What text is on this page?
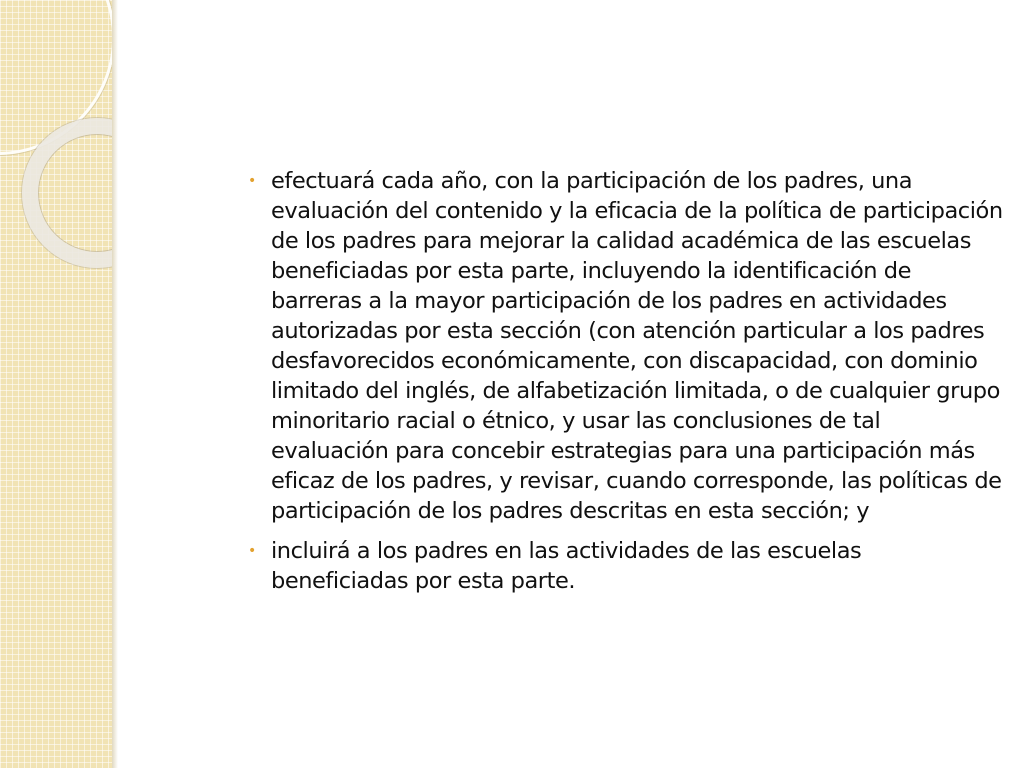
• efectuará cada año, con la participación de los padres, una evaluación del contenido y la eficacia de la política de participación de los padres para mejorar la calidad académica de las escuelas beneficiadas por esta parte, incluyendo la identificación de barreras a la mayor participación de los padres en actividades autorizadas por esta sección (con atención particular a los padres desfavorecidos económicamente, con discapacidad, con dominio limitado del inglés, de alfabetización limitada, o de cualquier grupo minoritario racial o étnico, y usar las conclusiones de tal evaluación para concebir estrategias para una participación más eficaz de los padres, y revisar, cuando corresponde, las políticas de participación de los padres descritas en esta sección; y
• incluirá a los padres en las actividades de las escuelas beneficiadas por esta parte.
